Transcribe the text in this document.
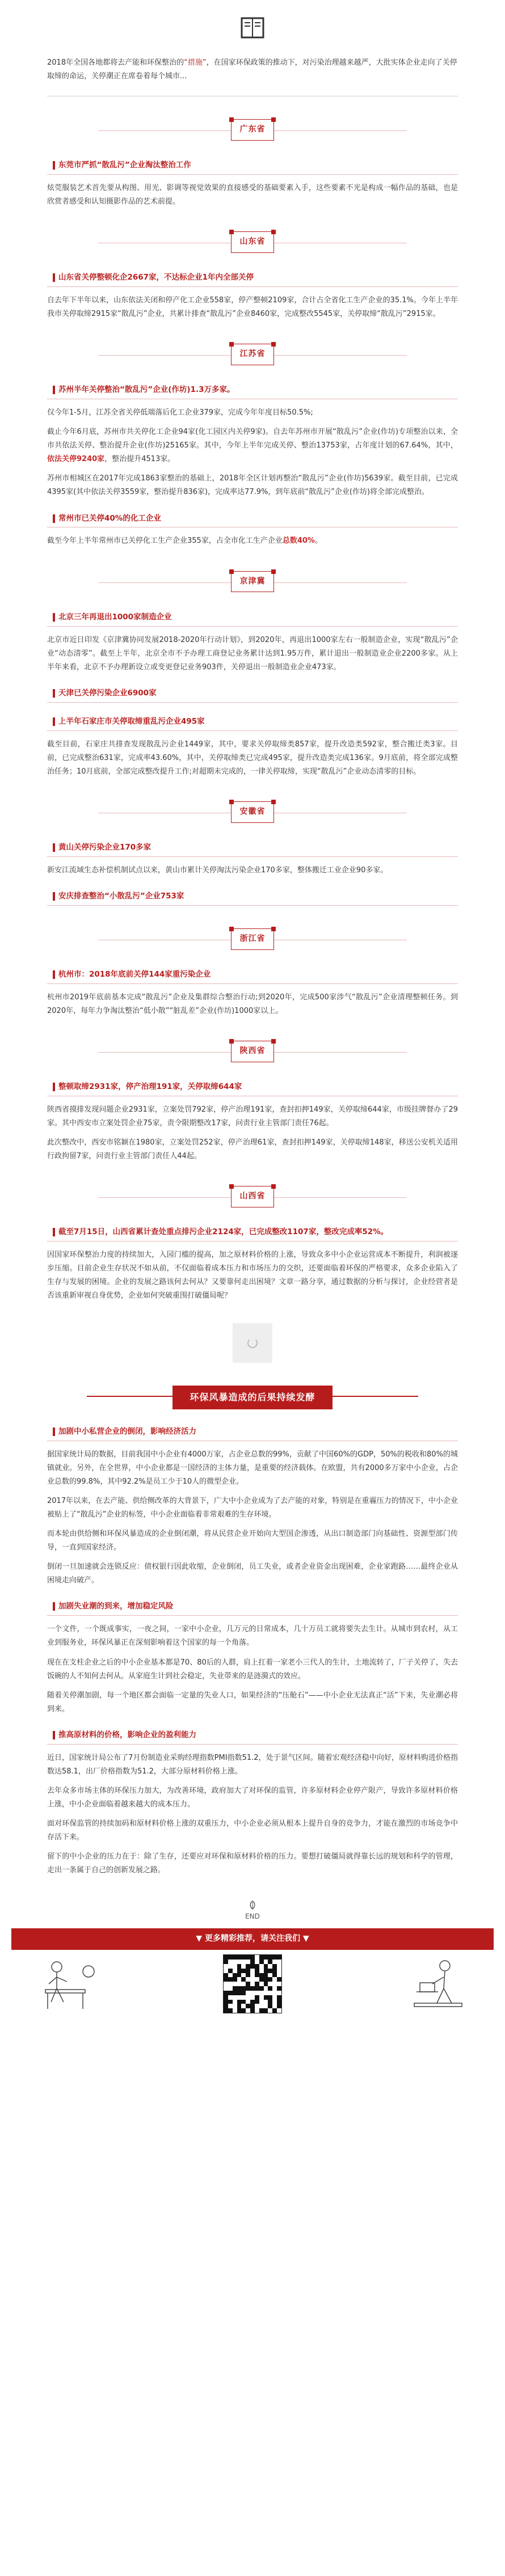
2018年全国各地都将去产能和环保整治的“措施”，在国家环保政策的推动下，对污染治理越来越严，大批实体企业走向了关停取缔的命运，关停潮正在席卷着每个城市...
广东省
东莞市严抓“散乱污”企业淘汰整治工作

炫莞服装艺术首先要从构图、用光、影调等视觉效果的直接感受的基础要素入手，这些要素不光是构成一幅作品的基础，也是欣赏者感受和认知摄影作品的艺术前提。

山东省
山东省关停整顿化企2667家，不达标企业1年内全部关停

自去年下半年以来，山东依法关闭和停产化工企业558家，停产整顿2109家，合计占全省化工生产企业的35.1%。今年上半年我市关停取缔2915家“散乱污”企业，共累计排查“散乱污”企业8460家，完成整改5545家，关停取缔“散乱污”2915家。

江苏省
苏州半年关停整治“散乱污”企业(作坊)1.3万多家。

仅今年1-5月，江苏全省关停低端落后化工企业379家，完成今年年度目标50.5%;

截止今年6月底，苏州市共关停化工企业94家(化工园区内关停9家)。自去年苏州市开展“散乱污”企业(作坊)专项整治以来，全市共依法关停、整治提升企业(作坊)25165家。其中，今年上半年完成关停、整治13753家，占年度计划的67.64%，其中，依法关停9240家，整治提升4513家。

苏州市相城区在2017年完成1863家整治的基础上，2018年全区计划再整治“散乱污”企业(作坊)5639家。截至目前，已完成4395家(其中依法关停3559家，整治提升836家)，完成率达77.9%，到年底前“散乱污”企业(作坊)将全部完成整治。

常州市已关停40%的化工企业

截至今年上半年常州市已关停化工生产企业355家，占全市化工生产企业总数40%。

京津冀
北京三年再退出1000家制造企业

北京市近日印发《京津冀协同发展2018-2020年行动计划》，到2020年，再退出1000家左右一般制造企业，实现“散乱污”企业“动态清零”。截至上半年，北京全市不予办理工商登记业务累计达到1.95万件，累计退出一般制造业企业2200多家。从上半年来看，北京不予办理新设立或变更登记业务903件，关停退出一般制造业企业473家。

天津已关停污染企业6900家
上半年石家庄市关停取缔重乱污企业495家

截至目前，石家庄共排查发现散乱污企业1449家，其中，要求关停取缔类857家，提升改造类592家，整合搬迁类3家。目前，已完成整治631家，完成率43.60%，其中，关停取缔类已完成495家，提升改造类完成136家。9月底前，将全部完成整治任务；10月底前，全部完成整改提升工作;对超期未完成的，一律关停取缔，实现“散乱污”企业动态清零的目标。

安徽省
黄山关停污染企业170多家

新安江流域生态补偿机制试点以来，黄山市累计关停淘汰污染企业170多家，整体搬迁工业企业90多家。

安庆排查整治“小散乱污”企业753家
浙江省
杭州市：2018年底前关停144家重污染企业

杭州市2019年底前基本完成“散乱污”企业及集群综合整治行动;到2020年，完成500家涉气“散乱污”企业清理整顿任务。到2020年，每年力争淘汰整治“低小散”“脏乱差”企业(作坊)1000家以上。

陕西省
整顿取缔2931家，停产治理191家，关停取缔644家

陕西省摸排发现问题企业2931家，立案处罚792家，停产治理191家，查封扣押149家，关停取缔644家，市级挂牌督办了29家。其中西安市立案处罚企业75家，责令限期整改17家，问责行业主管部门责任76起。

此次整改中，西安市铭颖在1980家，立案处罚252家，停产治理61家，查封扣押149家，关停取缔148家，移送公安机关适用行政拘留7家，问责行业主管部门责任人44起。

山西省
截至7月15日，山西省累计查处重点排污企业2124家，已完成整改1107家，整改完成率52%。

因国家环保整治力度的持续加大，入园门槛的提高，加之原材料价格的上涨，导致众多中小企业运营成本不断提升，利润被逐步压缩。目前企业生存状况不如从前，不仅面临着成本压力和市场压力的交织，还要面临着环保的严格要求，众多企业陷入了生存与发展的困境。企业的发展之路该何去何从？又要靠何走出困境？文章一路分享，通过数据的分析与探讨，企业经营者是否该重新审视自身优势，企业如何突破重围打破僵局呢？

环保风暴造成的后果持续发酵
加剧中小私营企业的倒闭，影响经济活力

据国家统计局的数据，目前我国中小企业有4000万家，占企业总数的99%，贡献了中国60%的GDP，50%的税收和80%的城镇就业。另外，在全世界，中小企业都是一国经济的主体力量，是重要的经济载体。在欧盟，共有2000多万家中小企业，占企业总数的99.8%，其中92.2%是员工少于10人的微型企业。

2017年以来，在去产能、供给侧改革的大背景下，广大中小企业成为了去产能的对象，特别是在重霾压力的情况下，中小企业被贴上了“散乱污”企业的标签，中小企业面临着非常艰难的生存环境。

而本轮由供给侧和环保风暴造成的企业倒闭潮，将从民营企业开始向大型国企渗透，从出口制造部门向基础性、资源型部门传导，一直到国家经济。

倒闭一旦加速就会连锁反应：债权银行因此收缩，企业倒闭，员工失业，或者企业资金出现困难，企业家跑路……最终企业从困境走向破产。

加剧失业潮的到来，增加稳定风险

一个文件，一个既成事实，一夜之间，一家中小企业，几万元的日常成本，几十万员工就将要失去生计。从城市到农村，从工业到服务业，环保风暴正在深刻影响着这个国家的每一个角落。

现在在支柱企业之后的中小企业基本都是70、80后的人群，肩上扛着一家老小三代人的生计，土地流转了，厂子关停了，失去饭碗的人不知何去何从。从家庭生计到社会稳定，失业带来的是涟漪式的效应。

随着关停潮加剧，每一个地区都会面临一定量的失业人口，如果经济的“压舱石”——中小企业无法真正“活”下来，失业潮必将到来。

推高原材料的价格，影响企业的盈利能力

近日，国家统计局公布了7月份制造业采购经理指数PMI指数51.2，处于景气区间。随着宏观经济稳中向好，原材料购进价格指数达58.1，出厂价格指数为51.2，大部分原材料价格上涨。

去年众多市场主体的环保压力加大，为改善环境，政府加大了对环保的监管，许多原材料企业停产限产，导致许多原材料价格上涨，中小企业面临着越来越大的成本压力。

面对环保监管的持续加码和原材料价格上涨的双重压力，中小企业必须从根本上提升自身的竞争力，才能在激烈的市场竞争中存活下来。

留下的中小企业的压力在于：除了生存，还要应对环保和原材料价格的压力。要想打破僵局就得靠长远的规划和科学的管理，走出一条属于自己的创新发展之路。

END
▼ 更多精彩推荐，请关注我们 ▼
